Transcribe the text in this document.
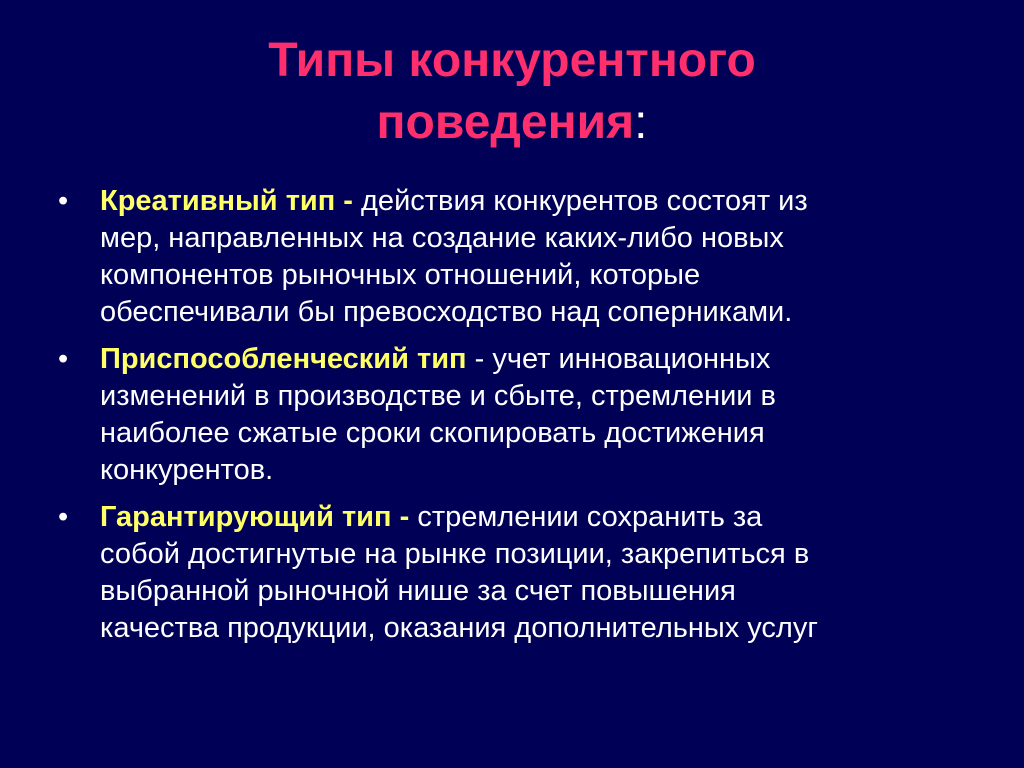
Типы конкурентного
поведения:
•	Креативный тип - действия конкурентов состоят из
мер, направленных на создание каких-либо новых
компонентов рыночных отношений, которые
обеспечивали бы превосходство над соперниками.
•	Приспособленческий тип - учет инновационных
изменений в производстве и сбыте, стремлении в
наиболее сжатые сроки скопировать достижения
конкурентов.
•	Гарантирующий тип - стремлении сохранить за
собой достигнутые на рынке позиции, закрепиться в
выбранной рыночной нише за счет повышения
качества продукции, оказания дополнительных услуг
